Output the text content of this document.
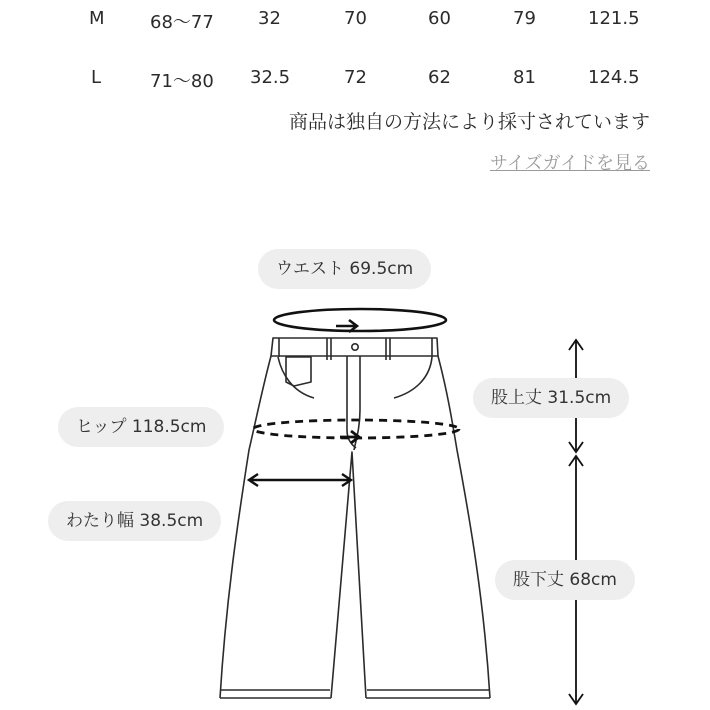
M	68〜77 32	70	60	79	121.5
L	71〜80 32.5	72	62	81	124.5
商品は独自の方法により採寸されています
サイズガイドを見る
ウエスト 69.5cm
ヒップ 118.5cm
わたり幅 38.5cm
股上丈 31.5cm
股下丈 68cm
